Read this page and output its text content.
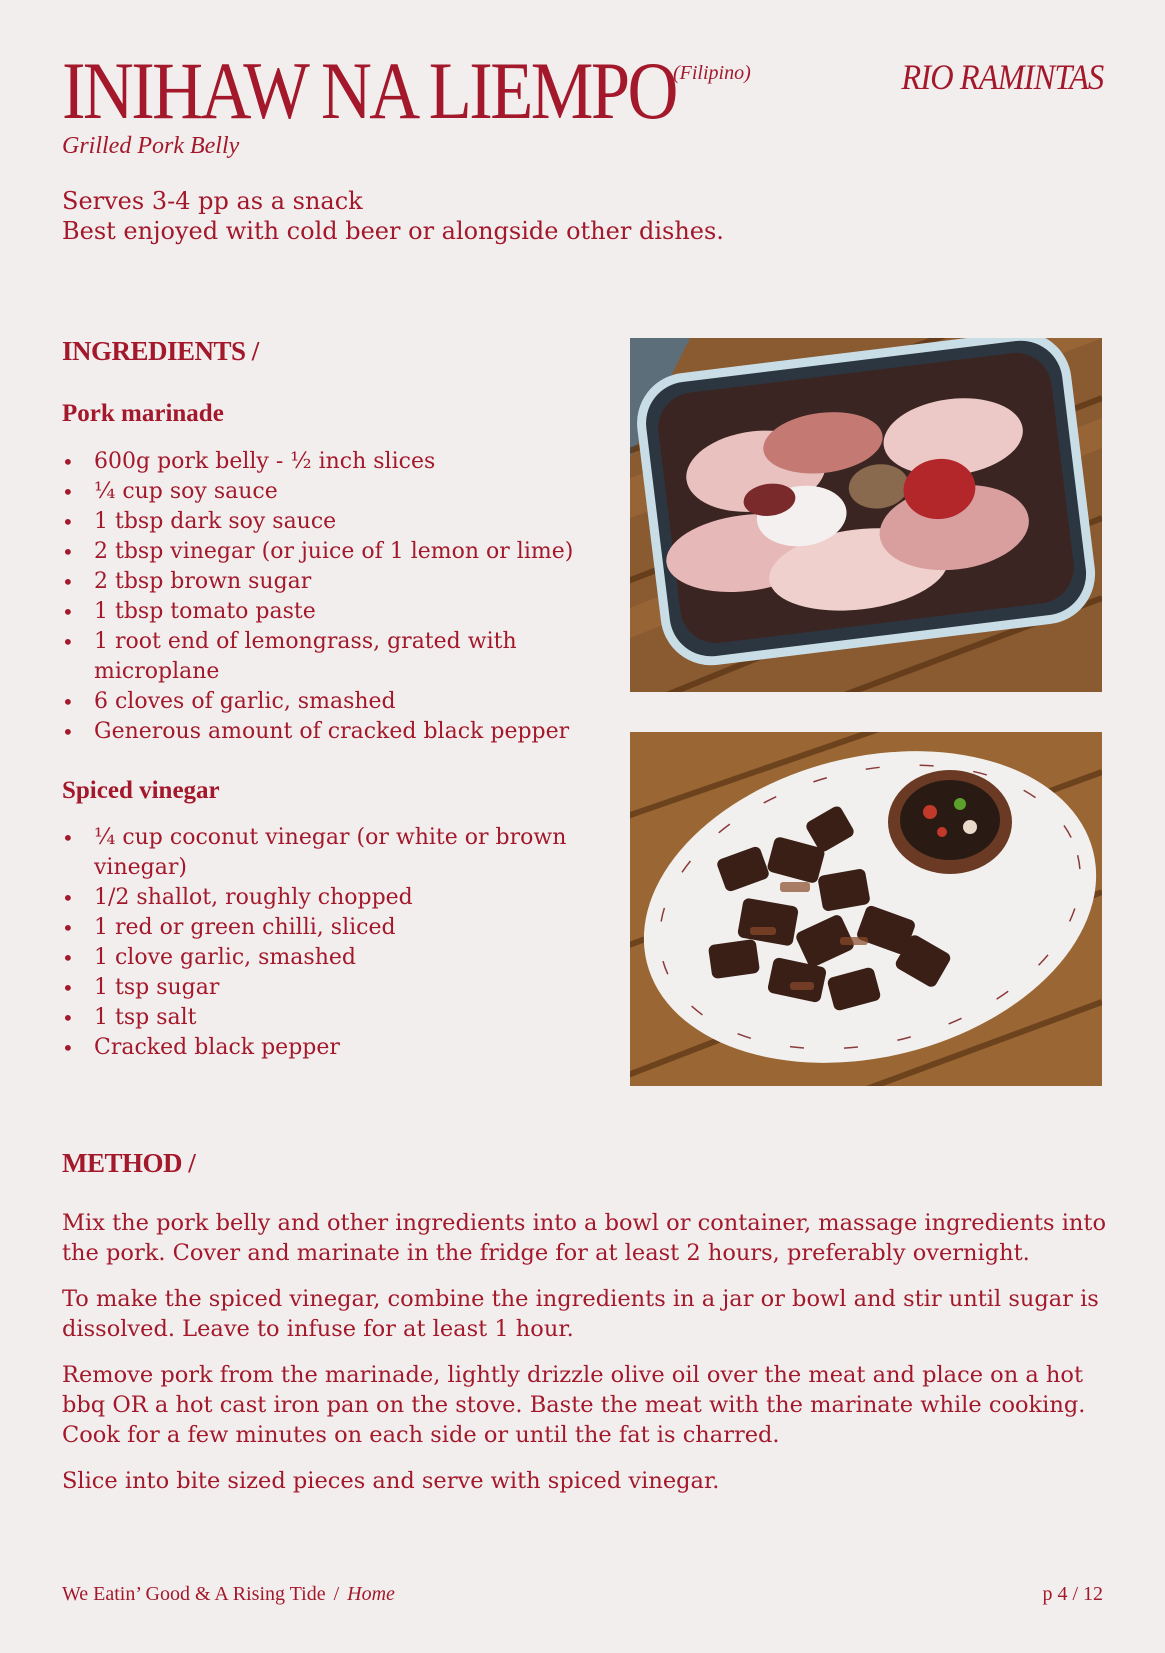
INIHAW NA LIEMPO
(Filipino)	RIO RAMINTAS
Grilled Pork Belly
Serves 3-4 pp as a snack
Best enjoyed with cold beer or alongside other dishes.
INGREDIENTS /
Pork marinade
• 600g pork belly - ½ inch slices
• ¼ cup soy sauce
• 1 tbsp dark soy sauce
• 2 tbsp vinegar (or juice of 1 lemon or lime)
• 2 tbsp brown sugar
• 1 tbsp tomato paste
• 1 root end of lemongrass, grated with microplane
• 6 cloves of garlic, smashed
• Generous amount of cracked black pepper
Spiced vinegar
• ¼ cup coconut vinegar (or white or brown vinegar)
• 1/2 shallot, roughly chopped
• 1 red or green chilli, sliced
• 1 clove garlic, smashed
• 1 tsp sugar
• 1 tsp salt
• Cracked black pepper
METHOD /

Mix the pork belly and other ingredients into a bowl or container, massage ingredients into the pork. Cover and marinate in the fridge for at least 2 hours, preferably overnight.

To make the spiced vinegar, combine the ingredients in a jar or bowl and stir until sugar is dissolved. Leave to infuse for at least 1 hour.

Remove pork from the marinade, lightly drizzle olive oil over the meat and place on a hot bbq OR a hot cast iron pan on the stove. Baste the meat with the marinate while cooking. Cook for a few minutes on each side or until the fat is charred.

Slice into bite sized pieces and serve with spiced vinegar.

We Eatin’ Good & A Rising Tide / Home	p 4 / 12
